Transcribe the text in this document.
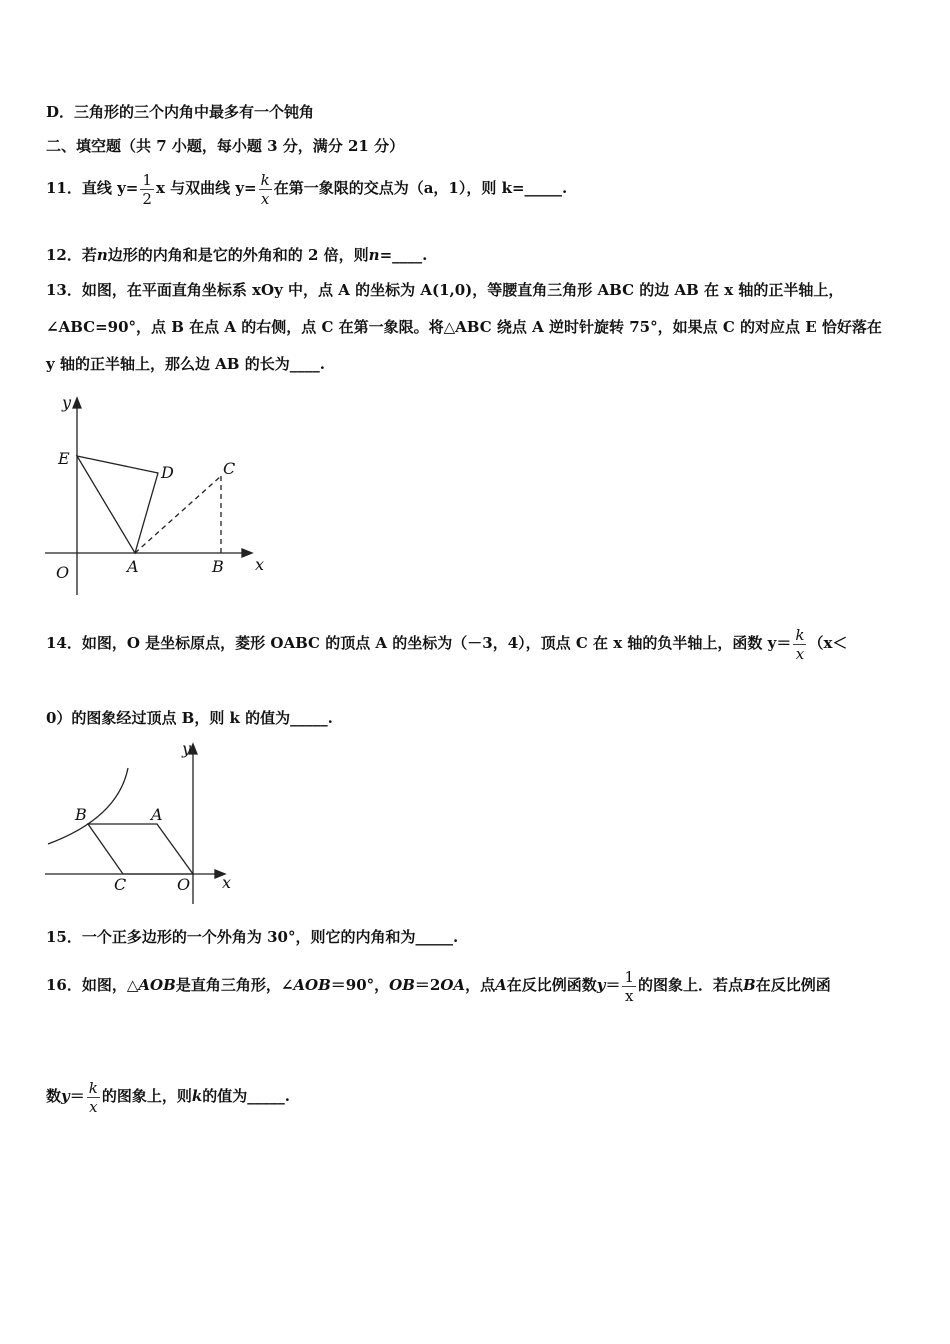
D．三角形的三个内角中最多有一个钝角
二、填空题（共 7 小题，每小题 3 分，满分 21 分）
11．直线 $y= \frac{1}{2}$ x 与双曲线 $y= \frac{k}{x}$ 在第一象限的交点为（a，1），则 k=_____.
12．若n边形的内角和是它的外角和的 2 倍，则n=____.
13．如图，在平面直角坐标系 xOy 中，点 A 的坐标为 A(1,0)，等腰直角三角形 ABC 的边 AB 在 x 轴的正半轴上，
∠ABC=90°，点 B 在点 A 的右侧，点 C 在第一象限。将△ABC 绕点 A 逆时针旋转 75°，如果点 C 的对应点 E 恰好落在
y 轴的正半轴上，那么边 AB 的长为____.
y
x
E
D	C
O	A	B
14．如图，O 是坐标原点，菱形 OABC 的顶点 A 的坐标为（－3，4），顶点 C 在 x 轴的负半轴上，函数 $y= \frac{k}{x} (x<$
0）的图象经过顶点 B，则 k 的值为_____.
y
x
B	A
C	O
15．一个正多边形的一个外角为 30°，则它的内角和为_____.
16．如图，△AOB是直角三角形，∠AOB＝90°，OB＝2OA，点A在反比例函数$y= \frac{1}{x}$ 的图象上．若点B在反比例函
数$y= \frac{k}{x}$ 的图象上，则k的值为_____.
